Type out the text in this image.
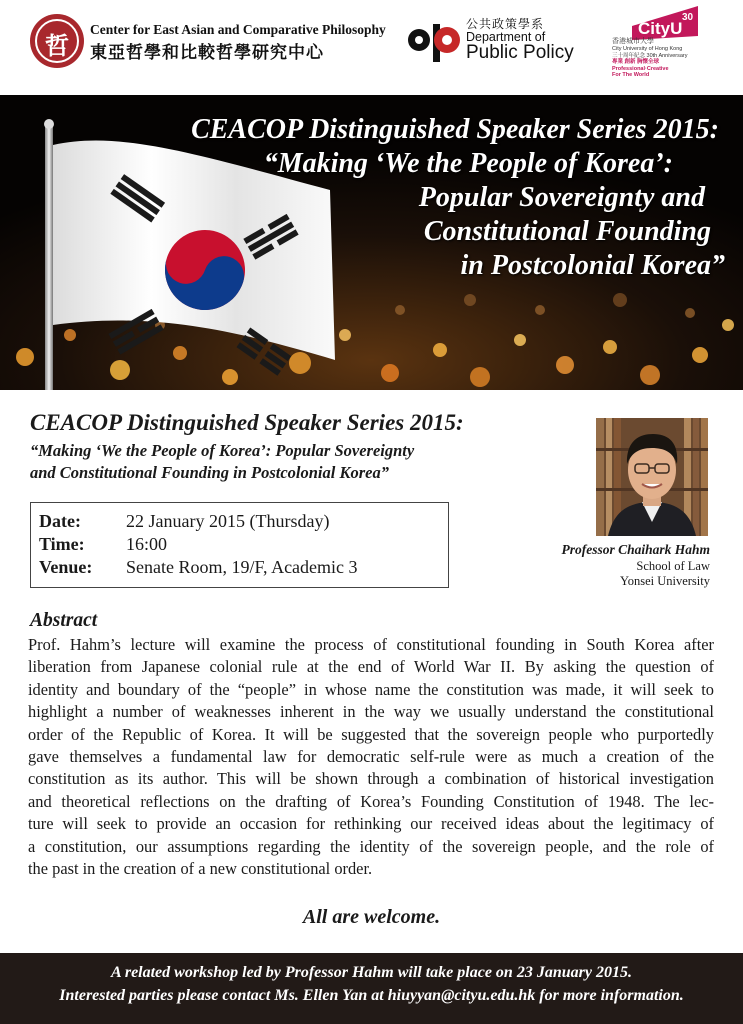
哲
Center for East Asian and Comparative Philosophy
東亞哲學和比較哲學研究中心
公共政策學系
Department of
Public Policy
CityU
30
香港城市大學
City University of Hong Kong
三十周年紀念 30th Anniversary
專業 創新 胸懷全球
Professional·Creative
For The World
CEACOP Distinguished Speaker Series 2015:
“Making ‘We the People of Korea’:
Popular Sovereignty and
Constitutional Founding
in Postcolonial Korea”
CEACOP Distinguished Speaker Series 2015:
“Making ‘We the People of Korea’: Popular Sovereignty
and Constitutional Founding in Postcolonial Korea”
Date:	22 January 2015 (Thursday)
Time: 16:00
Venue: Senate Room, 19/F, Academic 3
Professor Chaihark Hahm
School of Law
Yonsei University
Abstract
Prof. Hahm’s lecture will examine the process of constitutional founding in South Korea after
liberation from Japanese colonial rule at the end of World War II. By asking the question of
identity and boundary of the “people” in whose name the constitution was made, it will seek to
highlight a number of weaknesses inherent in the way we usually understand the constitutional
order of the Republic of Korea. It will be suggested that the sovereign people who purportedly
gave themselves a fundamental law for democratic self-rule were as much a creation of the
constitution as its author. This will be shown through a combination of historical investigation
and theoretical reflections on the drafting of Korea’s Founding Constitution of 1948. The lec-
ture will seek to provide an occasion for rethinking our received ideas about the legitimacy of
a constitution, our assumptions regarding the identity of the sovereign people, and the role of
the past in the creation of a new constitutional order.
All are welcome.
A related workshop led by Professor Hahm will take place on 23 January 2015.
Interested parties please contact Ms. Ellen Yan at hiuyyan@cityu.edu.hk for more information.
